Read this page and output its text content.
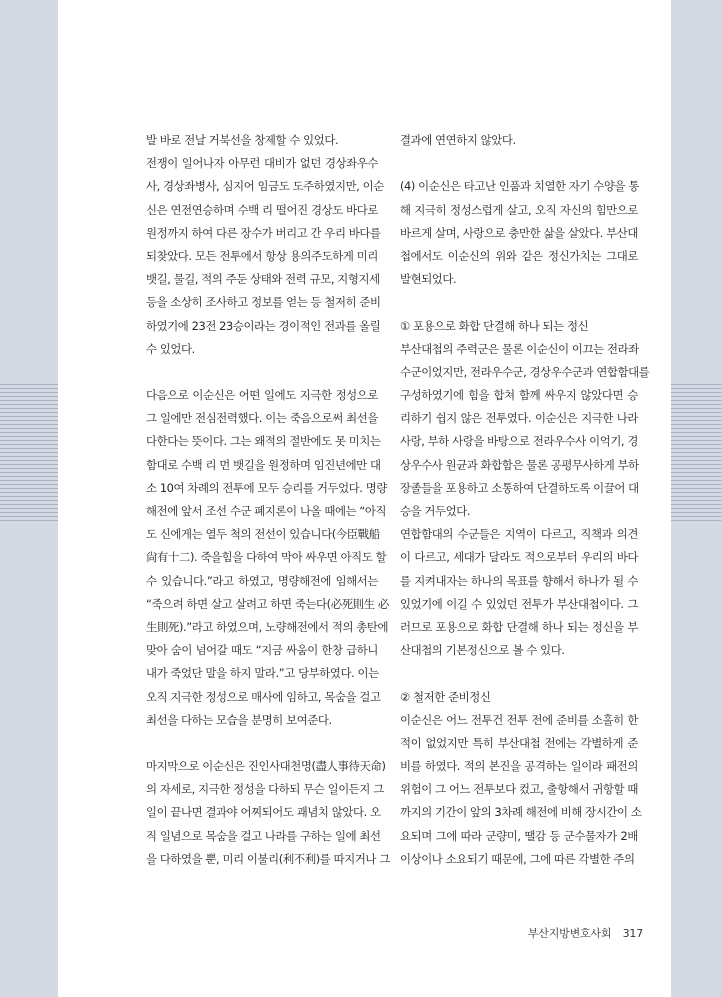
발 바로 전날 거북선을 창제할 수 있었다.
전쟁이 일어나자 아무런 대비가 없던 경상좌우수
사, 경상좌병사, 심지어 임금도 도주하였지만, 이순
신은 연전연승하며 수백 리 떨어진 경상도 바다로
원정까지 하여 다른 장수가 버리고 간 우리 바다를
되찾았다. 모든 전투에서 항상 용의주도하게 미리
뱃길, 물길, 적의 주둔 상태와 전력 규모, 지형지세
등을 소상히 조사하고 정보를 얻는 등 철저히 준비
하였기에 23전 23승이라는 경이적인 전과를 올릴
수 있었다.
다음으로 이순신은 어떤 일에도 지극한 정성으로
그 일에만 전심전력했다. 이는 죽음으로써 최선을
다한다는 뜻이다. 그는 왜적의 절반에도 못 미치는
함대로 수백 리 먼 뱃길을 원정하며 임진년에만 대
소 10여 차례의 전투에 모두 승리를 거두었다. 명량
해전에 앞서 조선 수군 폐지론이 나올 때에는 “아직
도 신에게는 열두 척의 전선이 있습니다(今臣戰船
尙有十二). 죽을힘을 다하여 막아 싸우면 아직도 할
수 있습니다.”라고 하였고, 명량해전에 임해서는
“죽으려 하면 살고 살려고 하면 죽는다(必死則生 必
生則死).”라고 하였으며, 노량해전에서 적의 총탄에
맞아 숨이 넘어갈 때도 “지금 싸움이 한창 급하니
내가 죽었단 말을 하지 말라.”고 당부하였다. 이는
오직 지극한 정성으로 매사에 임하고, 목숨을 걸고
최선을 다하는 모습을 분명히 보여준다.
마지막으로 이순신은 진인사대천명(盡人事待天命)
의 자세로, 지극한 정성을 다하되 무슨 일이든지 그
일이 끝나면 결과야 어찌되어도 괘념치 않았다. 오
직 일념으로 목숨을 걸고 나라를 구하는 일에 최선
을 다하였을 뿐, 미리 이불리(利不利)를 따지거나 그
결과에 연연하지 않았다.
(4) 이순신은 타고난 인품과 치열한 자기 수양을 통
해 지극히 정성스럽게 살고, 오직 자신의 힘만으로
바르게 살며, 사랑으로 충만한 삶을 살았다. 부산대
첩에서도 이순신의 위와 같은 정신가치는 그대로
발현되었다.
① 포용으로 화합 단결해 하나 되는 정신
부산대첩의 주력군은 물론 이순신이 이끄는 전라좌
수군이었지만, 전라우수군, 경상우수군과 연합함대를
구성하였기에 힘을 합쳐 함께 싸우지 않았다면 승
리하기 쉽지 않은 전투였다. 이순신은 지극한 나라
사랑, 부하 사랑을 바탕으로 전라우수사 이억기, 경
상우수사 원균과 화합함은 물론 공평무사하게 부하
장졸들을 포용하고 소통하여 단결하도록 이끌어 대
승을 거두었다.
연합함대의 수군들은 지역이 다르고, 직책과 의견
이 다르고, 세대가 달라도 적으로부터 우리의 바다
를 지켜내자는 하나의 목표를 향해서 하나가 될 수
있었기에 이길 수 있었던 전투가 부산대첩이다. 그
러므로 포용으로 화합 단결해 하나 되는 정신을 부
산대첩의 기본정신으로 볼 수 있다.
② 철저한 준비정신
이순신은 어느 전투건 전투 전에 준비를 소홀히 한
적이 없었지만 특히 부산대첩 전에는 각별하게 준
비를 하였다. 적의 본진을 공격하는 일이라 패전의
위험이 그 어느 전투보다 컸고, 출항해서 귀항할 때
까지의 기간이 앞의 3차례 해전에 비해 장시간이 소
요되며 그에 따라 군량미, 땔감 등 군수물자가 2배
이상이나 소요되기 때문에, 그에 따른 각별한 주의
부산지방변호사회 317
